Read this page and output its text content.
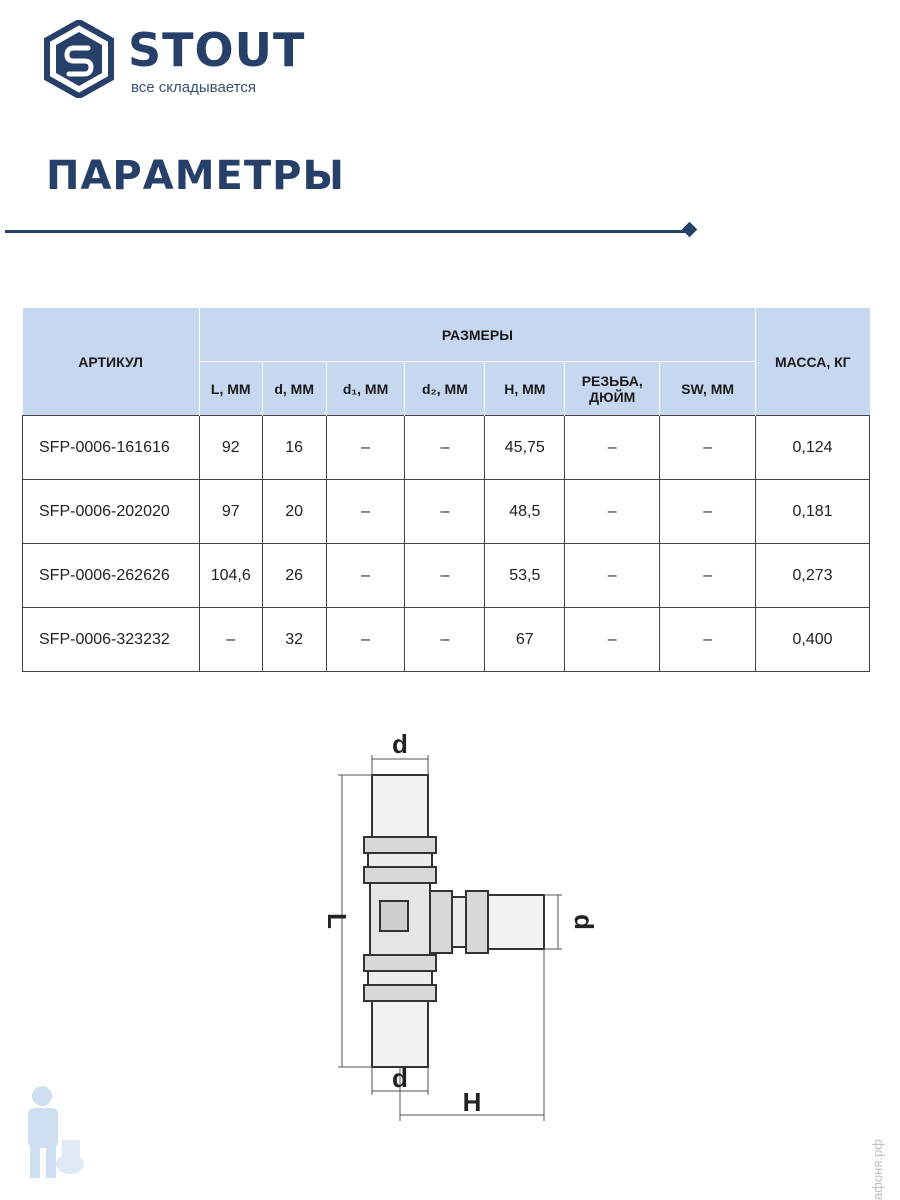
STOUT
все складывается
ПАРАМЕТРЫ
АРТИКУЛ	РАЗМЕРЫ							МАССА, КГ
	L, ММ	d, ММ	d₁, ММ	d₂, ММ	H, ММ	РЕЗЬБА, ДЮЙМ	SW, ММ	
SFP-0006-161616	92	16	–	–	45,75	–	–	0,124
SFP-0006-202020	97	20	–	–	48,5	–	–	0,181
SFP-0006-262626	104,6	26	–	–	53,5	–	–	0,273
SFP-0006-323232	–	32	–	–	67	–	–	0,400
d
d
d
L
H
афоня.рф
